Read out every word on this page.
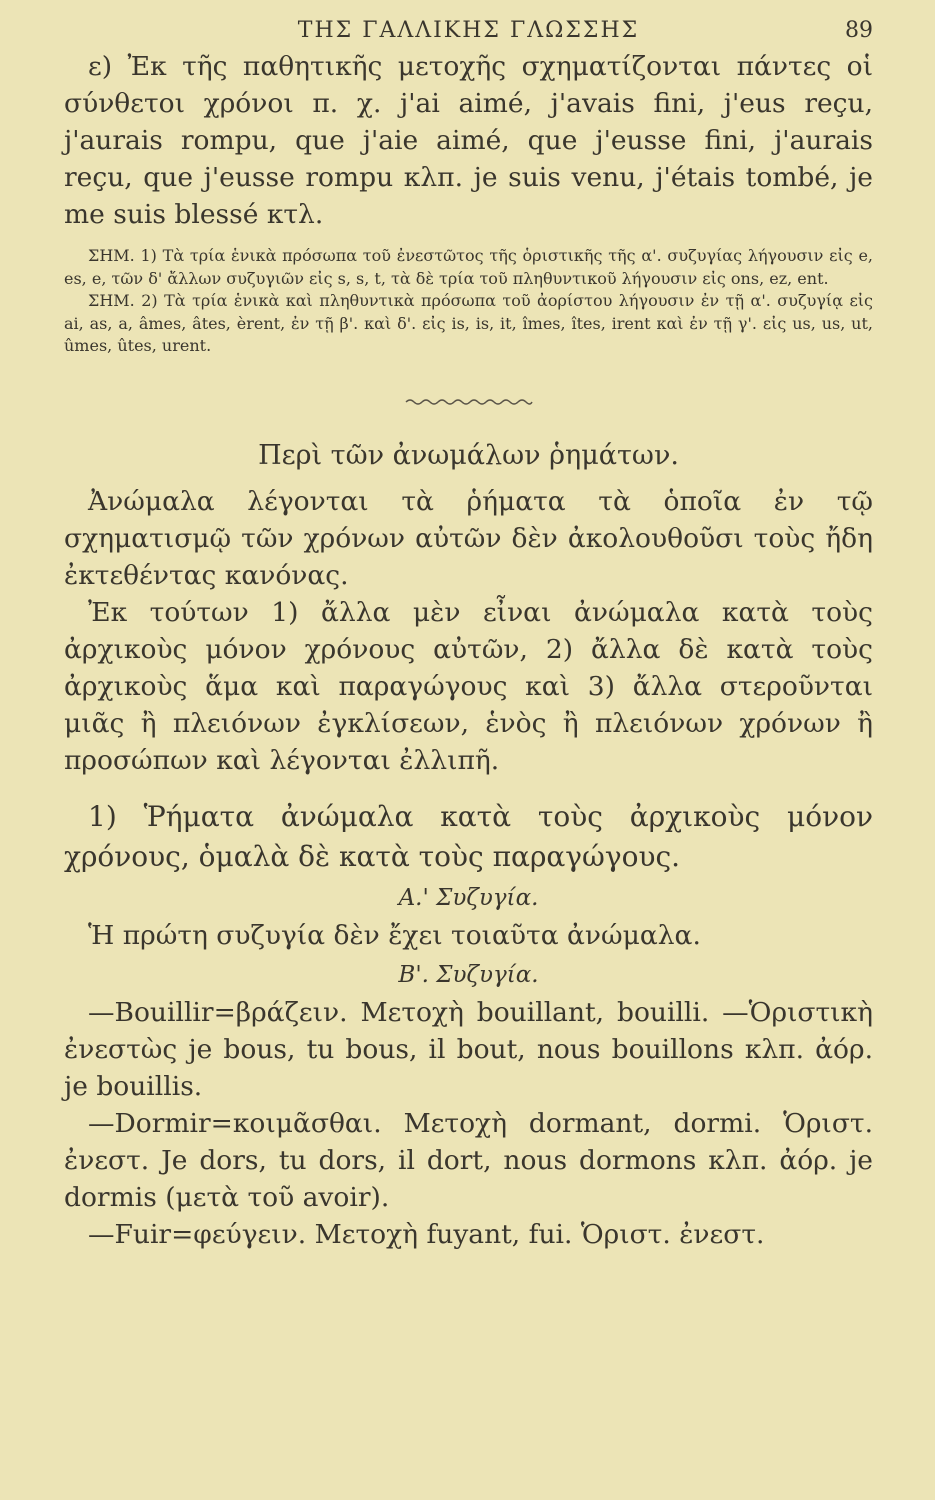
ΤΗΣ ΓΑΛΛΙΚΗΣ ΓΛΩΣΣΗΣ	89

ε) Ἐκ τῆς παθητικῆς μετοχῆς σχηματίζονται πάντες οἱ σύνθετοι χρόνοι π. χ. j'ai aimé, j'avais fini, j'eus reçu, j'aurais rompu, que j'aie aimé, que j'eusse fini, j'aurais reçu, que j'eusse rompu κλπ. je suis venu, j'étais tombé, je me suis blessé κτλ.

ΣΗΜ. 1) Τὰ τρία ἑνικὰ πρόσωπα τοῦ ἐνεστῶτος τῆς ὁριστικῆς τῆς α'. συζυγίας λήγουσιν εἰς e, es, e, τῶν δ' ἄλλων συζυγιῶν εἰς s, s, t, τὰ δὲ τρία τοῦ πληθυντικοῦ λήγουσιν εἰς ons, ez, ent.

ΣΗΜ. 2) Τὰ τρία ἑνικὰ καὶ πληθυντικὰ πρόσωπα τοῦ ἀορίστου λήγουσιν ἐν τῇ α'. συζυγίᾳ εἰς ai, as, a, âmes, âtes, èrent, ἐν τῇ β'. καὶ δ'. εἰς is, is, it, îmes, îtes, irent καὶ ἐν τῇ γ'. εἰς us, us, ut, ûmes, ûtes, urent.

Περὶ τῶν ἀνωμάλων ῥημάτων.

Ἀνώμαλα λέγονται τὰ ῥήματα τὰ ὁποῖα ἐν τῷ σχηματισμῷ τῶν χρόνων αὐτῶν δὲν ἀκολουθοῦσι τοὺς ἤδη ἐκτεθέντας κανόνας.

Ἐκ τούτων 1) ἄλλα μὲν εἶναι ἀνώμαλα κατὰ τοὺς ἀρχικοὺς μόνον χρόνους αὐτῶν, 2) ἄλλα δὲ κατὰ τοὺς ἀρχικοὺς ἅμα καὶ παραγώγους καὶ 3) ἄλλα στεροῦνται μιᾶς ἢ πλειόνων ἐγκλίσεων, ἑνὸς ἢ πλειόνων χρόνων ἢ προσώπων καὶ λέγονται ἐλλιπῆ.

1) Ῥήματα ἀνώμαλα κατὰ τοὺς ἀρχικοὺς μόνον χρόνους, ὁμαλὰ δὲ κατὰ τοὺς παραγώγους.

Α.' Συζυγία.

Ἡ πρώτη συζυγία δὲν ἔχει τοιαῦτα ἀνώμαλα.

Β'. Συζυγία.

—Bouillir=βράζειν. Μετοχὴ bouillant, bouilli. —Ὁριστικὴ ἐνεστὼς je bous, tu bous, il bout, nous bouillons κλπ. ἀόρ. je bouillis.

—Dormir=κοιμᾶσθαι. Μετοχὴ dormant, dormi. Ὁριστ. ἐνεστ. Je dors, tu dors, il dort, nous dormons κλπ. ἀόρ. je dormis (μετὰ τοῦ avoir).

—Fuir=φεύγειν. Μετοχὴ fuyant, fui. Ὁριστ. ἐνεστ.
